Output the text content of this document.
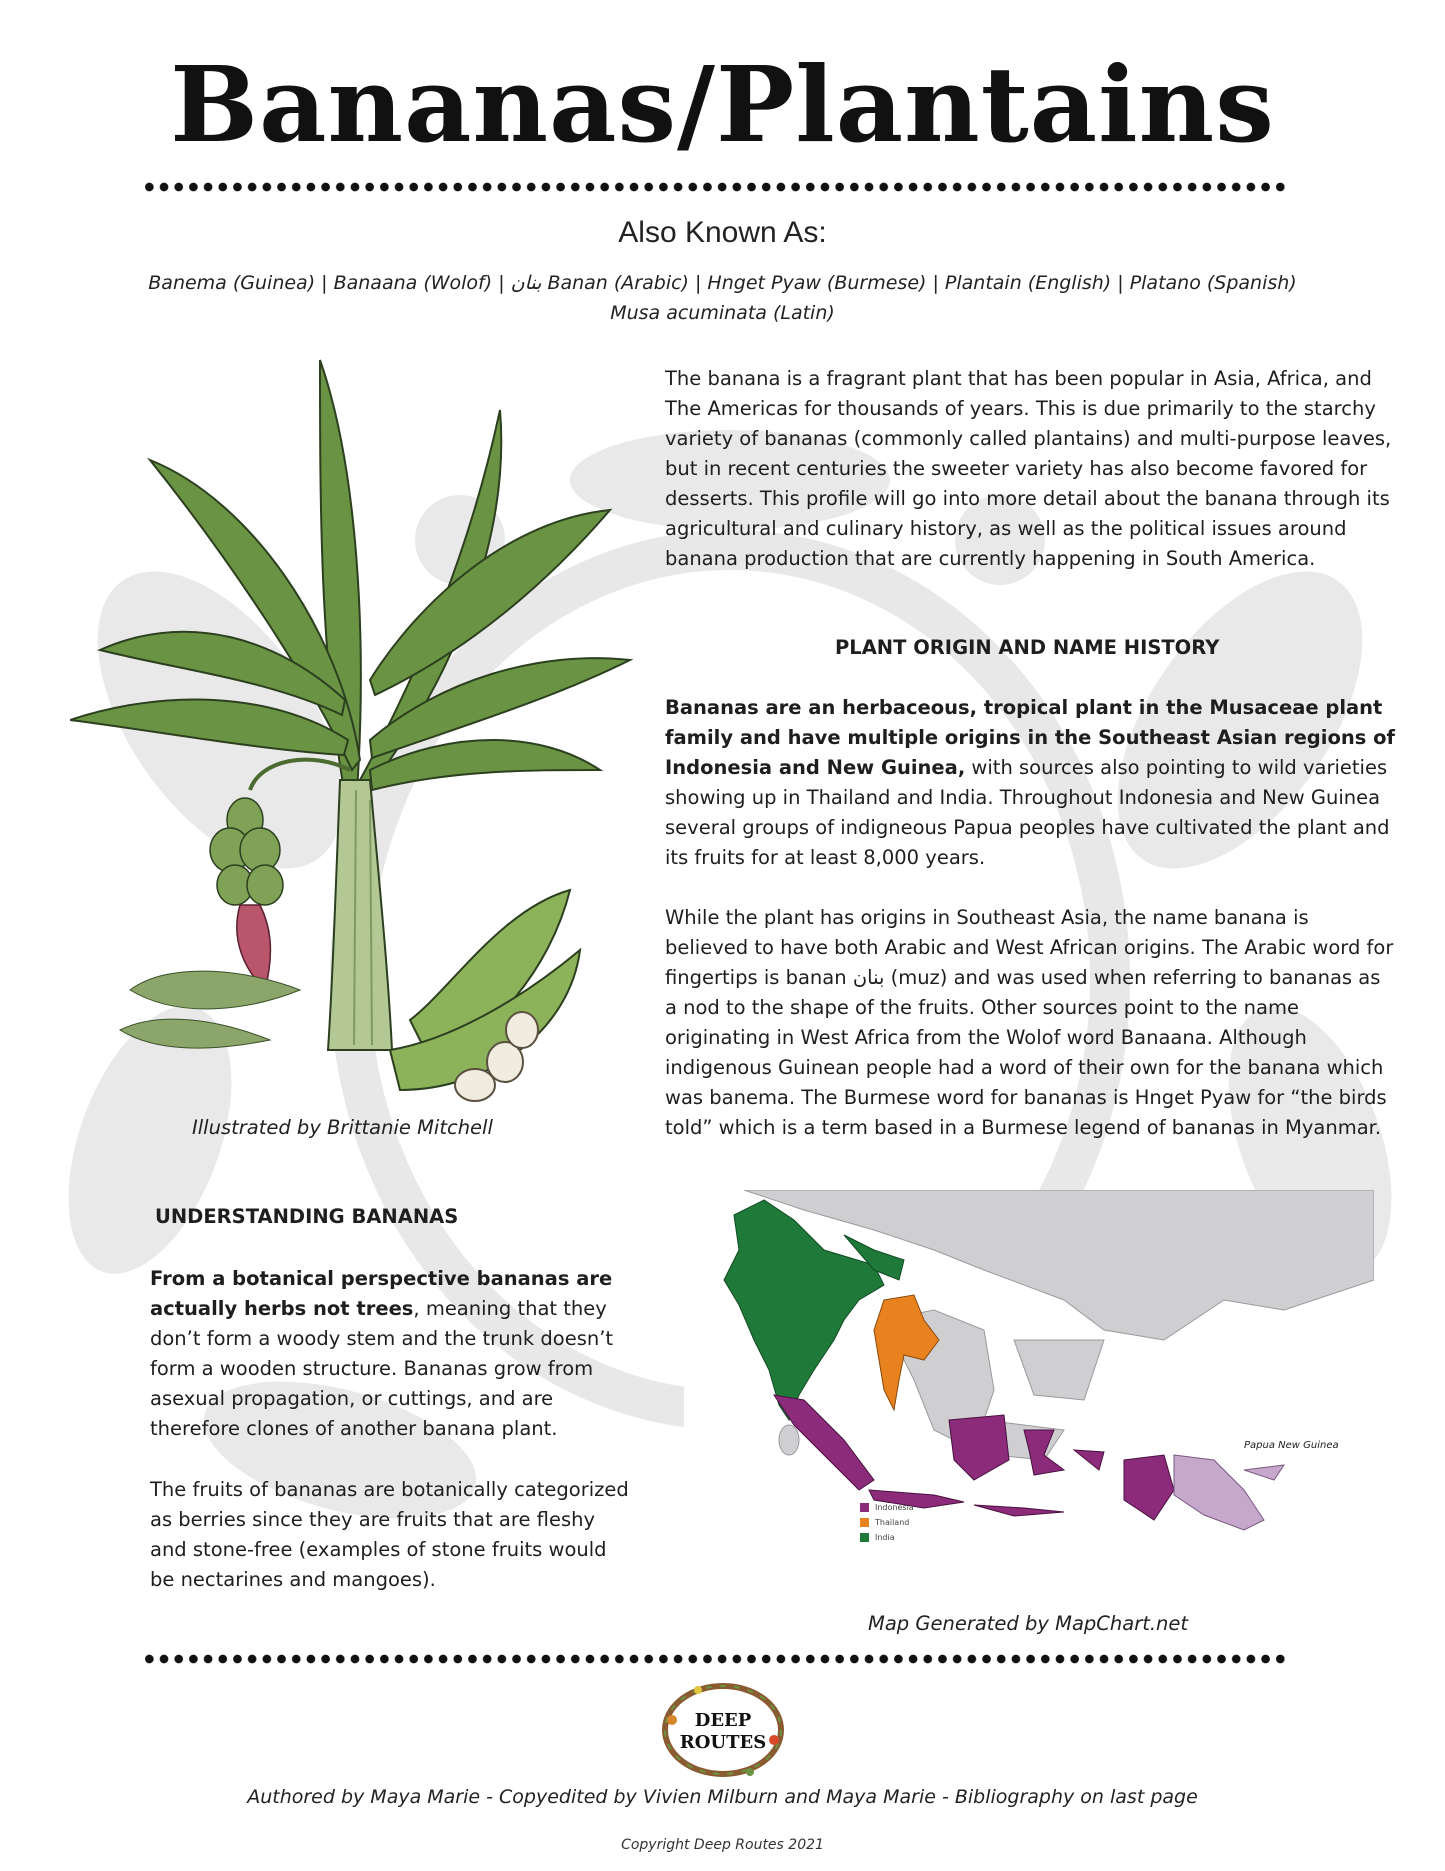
Bananas/Plantains
Also Known As:
Banema (Guinea) | Banaana (Wolof) | بنان Banan (Arabic) | Hnget Pyaw (Burmese) | Plantain (English) | Platano (Spanish)
Musa acuminata (Latin)
Illustrated by Brittanie Mitchell

The banana is a fragrant plant that has been popular in Asia, Africa, and The Americas for thousands of years. This is due primarily to the starchy variety of bananas (commonly called plantains) and multi-purpose leaves, but in recent centuries the sweeter variety has also become favored for desserts. This profile will go into more detail about the banana through its agricultural and culinary history, as well as the political issues around banana production that are currently happening in South America.

PLANT ORIGIN AND NAME HISTORY

Bananas are an herbaceous, tropical plant in the Musaceae plant family and have multiple origins in the Southeast Asian regions of Indonesia and New Guinea, with sources also pointing to wild varieties showing up in Thailand and India. Throughout Indonesia and New Guinea several groups of indigneous Papua peoples have cultivated the plant and its fruits for at least 8,000 years.

While the plant has origins in Southeast Asia, the name banana is believed to have both Arabic and West African origins. The Arabic word for fingertips is banan بنان (muz) and was used when referring to bananas as a nod to the shape of the fruits. Other sources point to the name originating in West Africa from the Wolof word Banaana. Although indigenous Guinean people had a word of their own for the banana which was banema. The Burmese word for bananas is Hnget Pyaw for “the birds told” which is a term based in a Burmese legend of bananas in Myanmar.

UNDERSTANDING BANANAS

From a botanical perspective bananas are actually herbs not trees, meaning that they don’t form a woody stem and the trunk doesn’t form a wooden structure. Bananas grow from asexual propagation, or cuttings, and are therefore clones of another banana plant.

The fruits of bananas are botanically categorized as berries since they are fruits that are fleshy and stone-free (examples of stone fruits would be nectarines and mangoes).

Papua New Guinea
Indonesia
Thailand
India
Map Generated by MapChart.net
DEEP
ROUTES
Authored by Maya Marie - Copyedited by Vivien Milburn and Maya Marie - Bibliography on last page
Copyright Deep Routes 2021
